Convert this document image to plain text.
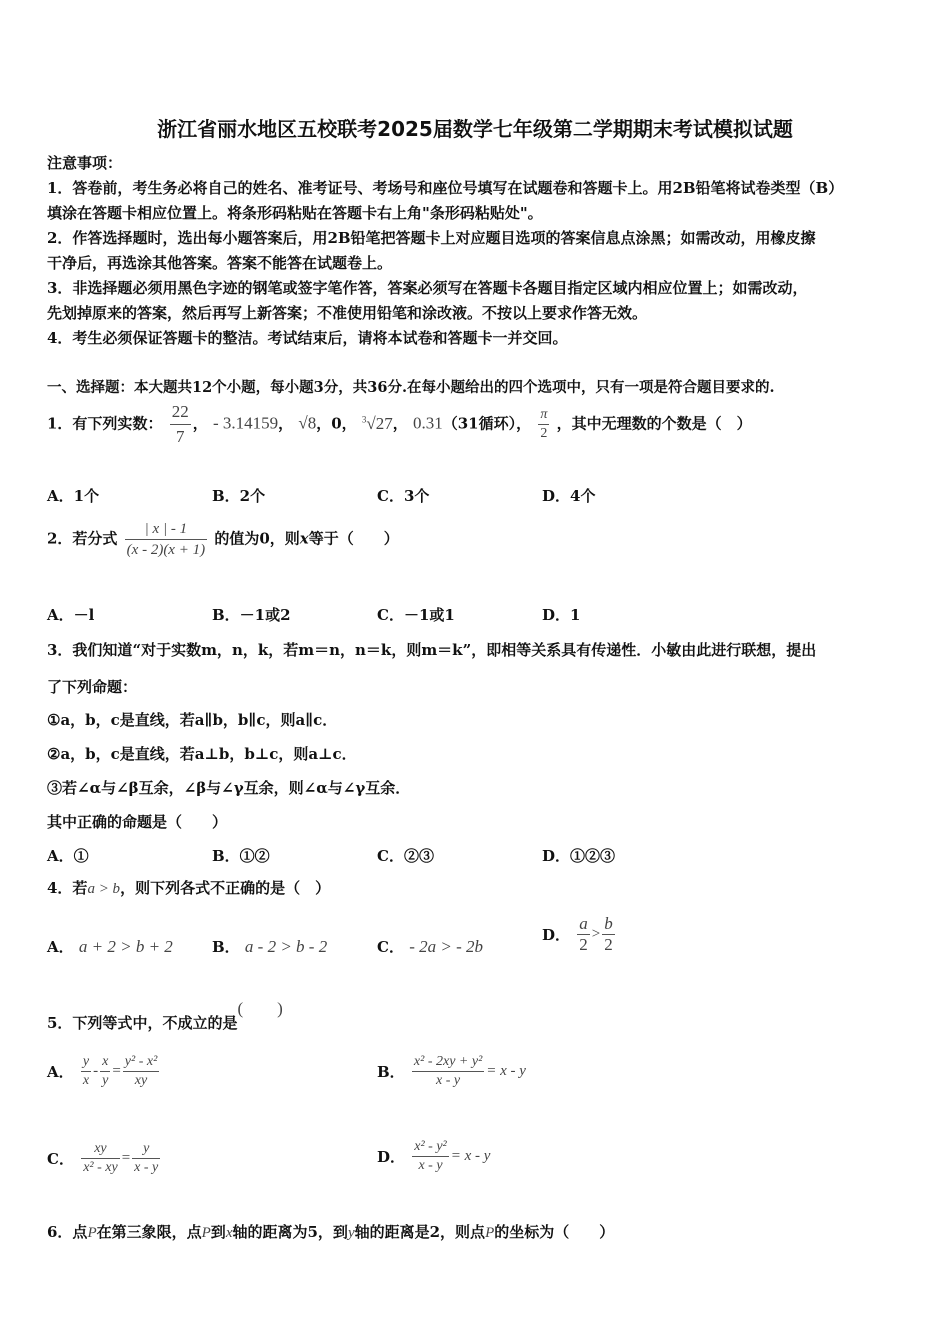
浙江省丽水地区五校联考2025届数学七年级第二学期期末考试模拟试题
注意事项：
1．答卷前，考生务必将自己的姓名、准考证号、考场号和座位号填写在试题卷和答题卡上。用2B铅笔将试卷类型（B）
填涂在答题卡相应位置上。将条形码粘贴在答题卡右上角"条形码粘贴处"。
2．作答选择题时，选出每小题答案后，用2B铅笔把答题卡上对应题目选项的答案信息点涂黑；如需改动，用橡皮擦
干净后，再选涂其他答案。答案不能答在试题卷上。
3．非选择题必须用黑色字迹的钢笔或签字笔作答，答案必须写在答题卡各题目指定区域内相应位置上；如需改动，
先划掉原来的答案，然后再写上新答案；不准使用铅笔和涂改液。不按以上要求作答无效。
4．考生必须保证答题卡的整洁。考试结束后，请将本试卷和答题卡一并交回。
一、选择题：本大题共12个小题，每小题3分，共36分.在每小题给出的四个选项中，只有一项是符合题目要求的.
1．有下列实数： $\frac{22}{7}$ ， - 3.14159， √8，0， $^3$√27， 0.31（31循环）， $\frac{\pi}{2}$ ，其中无理数的个数是（　）
A．1个	B．2个	C．3个	D．4个
2．若分式 $\frac{| x | - 1}{(x - 2)(x + 1)}$ 的值为0，则x等于（　　）
A．－l	B．－1或2	C．－1或1	D．1
3．我们知道“对于实数m，n，k，若m＝n，n＝k，则m＝k”，即相等关系具有传递性．小敏由此进行联想，提出
了下列命题：
①a，b，c是直线，若a∥b，b∥c，则a∥c．
②a，b，c是直线，若a⊥b，b⊥c，则a⊥c．
③若∠α与∠β互余，∠β与∠γ互余，则∠α与∠γ互余．
其中正确的命题是（　　）
A．①	B．①②	C．②③	D．①②③
4．若a > b，则下列各式不正确的是（　）
A． a + 2 > b + 2	B． a - 2 > b - 2	C． - 2a > - 2b
D． $\frac{a}{2} > \frac{b}{2}$
5．下列等式中，不成立的是(　　)
A． $\frac{y}{x} - \frac{x}{y} = \frac{\text{y² - x²}}{xy}$	B． $\frac{\text{x² - 2xy + y²}}{x - y} = x - y$
C． $\frac{xy}{\text{x² - xy}} = \frac{y}{x - y}$	D． $\frac{\text{x² - y²}}{x - y} = x - y$
6．点P在第三象限，点P到x轴的距离为5，到y轴的距离是2，则点P的坐标为（　　）
